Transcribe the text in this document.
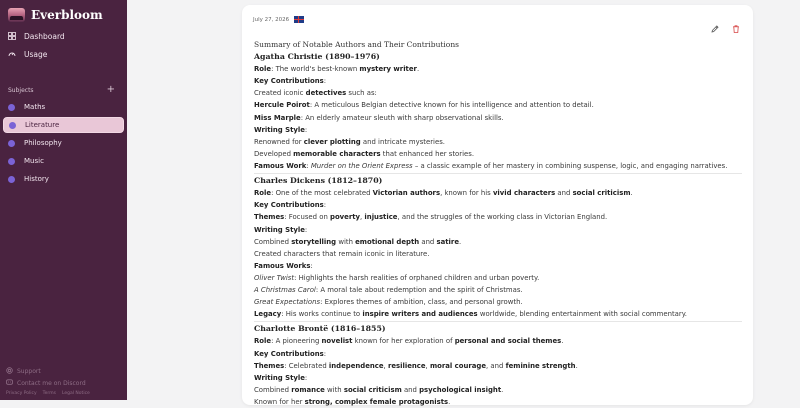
Everbloom
Dashboard
Usage
Subjects	+
Maths
Literature
Philosophy
Music
History
Support
Contact me on Discord
Privacy Policy Terms Legal Notice
July 27, 2026
Summary of Notable Authors and Their Contributions
Agatha Christie (1890–1976)
Role: The world's best-known mystery writer.
Key Contributions:
Created iconic detectives such as:
Hercule Poirot: A meticulous Belgian detective known for his intelligence and attention to detail.
Miss Marple: An elderly amateur sleuth with sharp observational skills.
Writing Style:
Renowned for clever plotting and intricate mysteries.
Developed memorable characters that enhanced her stories.
Famous Work: Murder on the Orient Express – a classic example of her mastery in combining suspense, logic, and engaging narratives.
Charles Dickens (1812–1870)
Role: One of the most celebrated Victorian authors, known for his vivid characters and social criticism.
Key Contributions:
Themes: Focused on poverty, injustice, and the struggles of the working class in Victorian England.
Writing Style:
Combined storytelling with emotional depth and satire.
Created characters that remain iconic in literature.
Famous Works:
Oliver Twist: Highlights the harsh realities of orphaned children and urban poverty.
A Christmas Carol: A moral tale about redemption and the spirit of Christmas.
Great Expectations: Explores themes of ambition, class, and personal growth.
Legacy: His works continue to inspire writers and audiences worldwide, blending entertainment with social commentary.
Charlotte Brontë (1816–1855)
Role: A pioneering novelist known for her exploration of personal and social themes.
Key Contributions:
Themes: Celebrated independence, resilience, moral courage, and feminine strength.
Writing Style:
Combined romance with social criticism and psychological insight.
Known for her strong, complex female protagonists.
